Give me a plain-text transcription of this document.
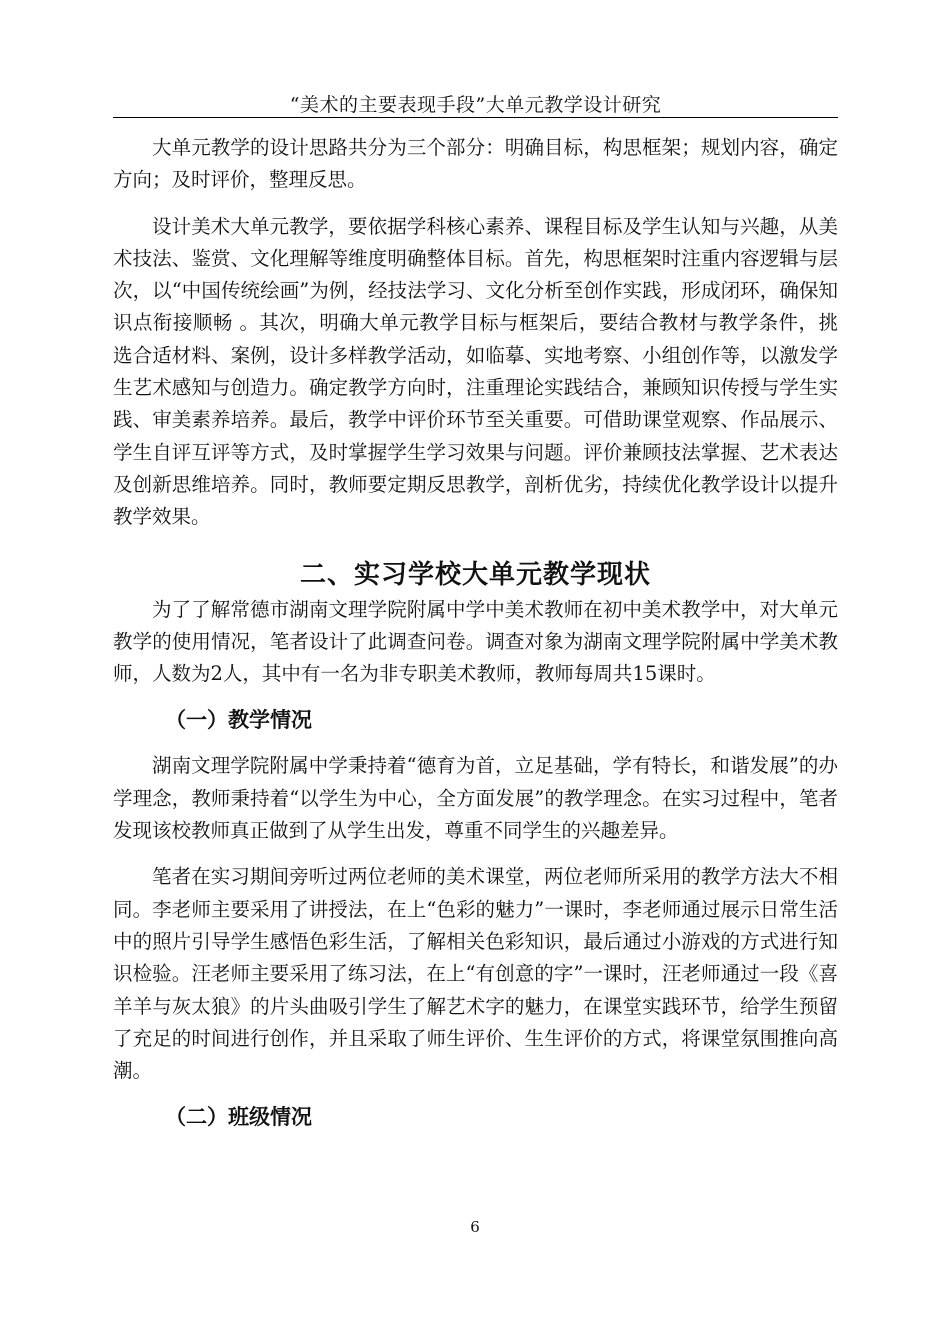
“美术的主要表现手段”大单元教学设计研究

大单元教学的设计思路共分为三个部分：明确目标，构思框架；规划内容，确定方向；及时评价，整理反思。

设计美术大单元教学，要依据学科核心素养、课程目标及学生认知与兴趣，从美术技法、鉴赏、文化理解等维度明确整体目标。首先，构思框架时注重内容逻辑与层次，以“中国传统绘画”为例，经技法学习、文化分析至创作实践，形成闭环，确保知识点衔接顺畅 。其次，明确大单元教学目标与框架后，要结合教材与教学条件，挑选合适材料、案例，设计多样教学活动，如临摹、实地考察、小组创作等，以激发学生艺术感知与创造力。确定教学方向时，注重理论实践结合，兼顾知识传授与学生实践、审美素养培养。最后，教学中评价环节至关重要。可借助课堂观察、作品展示、学生自评互评等方式，及时掌握学生学习效果与问题。评价兼顾技法掌握、艺术表达及创新思维培养。同时，教师要定期反思教学，剖析优劣，持续优化教学设计以提升教学效果。

二、实习学校大单元教学现状

为了了解常德市湖南文理学院附属中学中美术教师在初中美术教学中，对大单元教学的使用情况，笔者设计了此调查问卷。调查对象为湖南文理学院附属中学美术教师，人数为2人，其中有一名为非专职美术教师，教师每周共15课时。

（一）教学情况

湖南文理学院附属中学秉持着“德育为首，立足基础，学有特长，和谐发展”的办学理念，教师秉持着“以学生为中心，全方面发展”的教学理念。在实习过程中，笔者发现该校教师真正做到了从学生出发，尊重不同学生的兴趣差异。

笔者在实习期间旁听过两位老师的美术课堂，两位老师所采用的教学方法大不相同。李老师主要采用了讲授法，在上“色彩的魅力”一课时，李老师通过展示日常生活中的照片引导学生感悟色彩生活，了解相关色彩知识，最后通过小游戏的方式进行知识检验。汪老师主要采用了练习法，在上“有创意的字”一课时，汪老师通过一段《喜羊羊与灰太狼》的片头曲吸引学生了解艺术字的魅力，在课堂实践环节，给学生预留了充足的时间进行创作，并且采取了师生评价、生生评价的方式，将课堂氛围推向高潮。

（二）班级情况
6
